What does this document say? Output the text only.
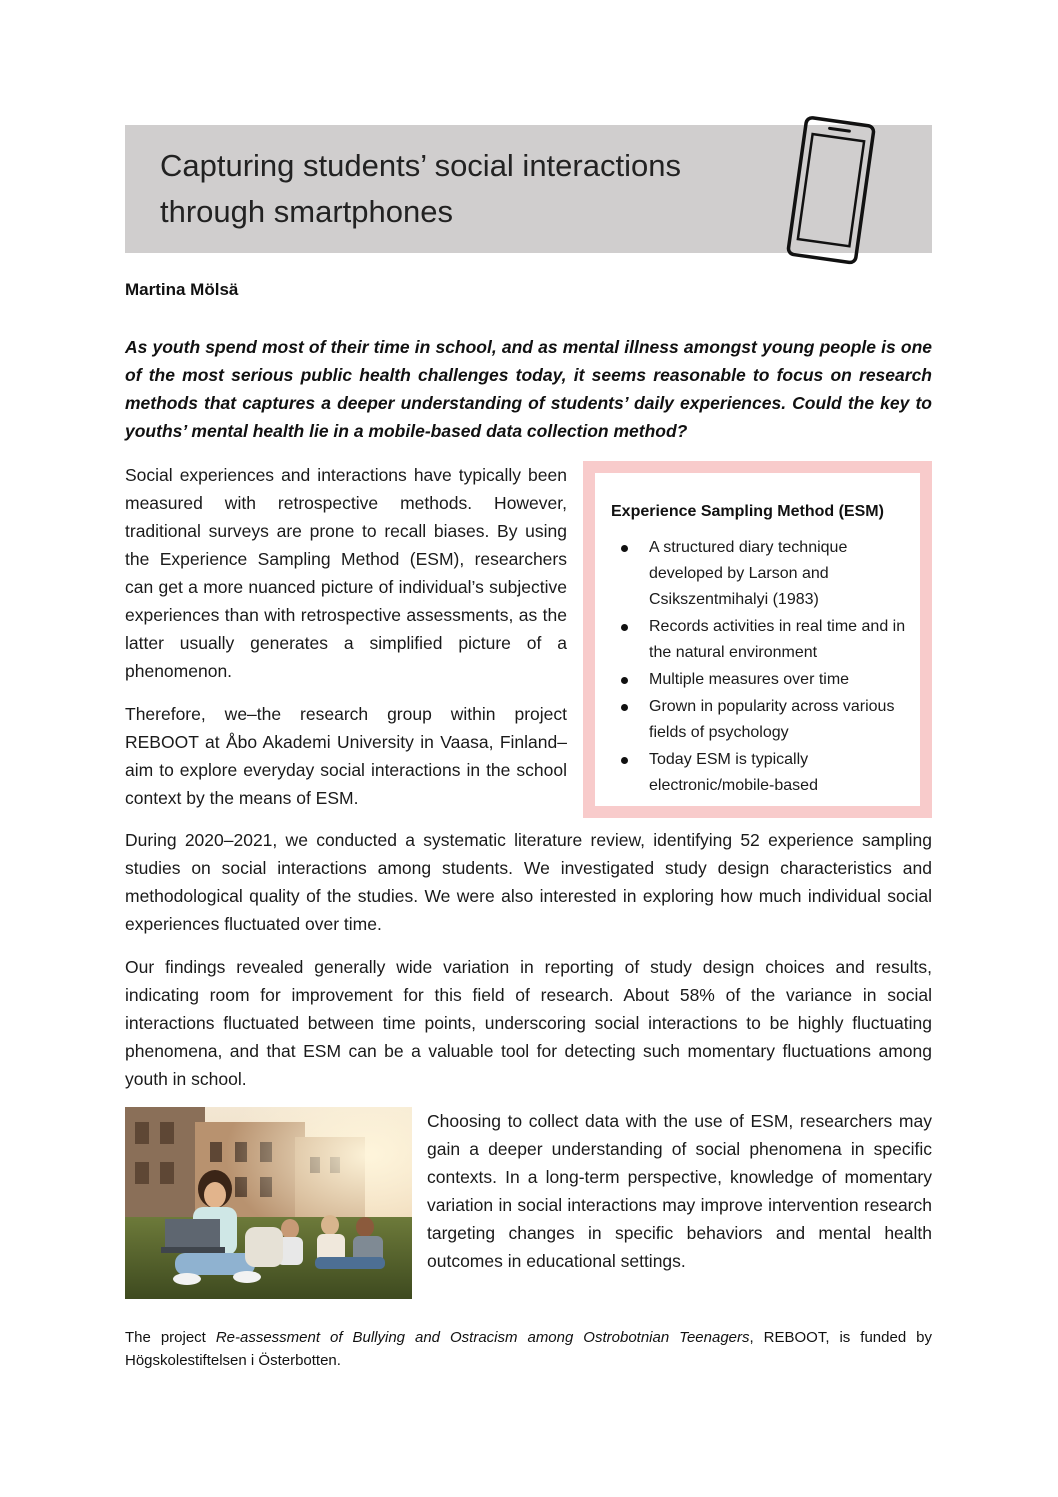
Capturing students’ social interactions
through smartphones
Martina Mölsä

As youth spend most of their time in school, and as mental illness amongst young people is one of the most serious public health challenges today, it seems reasonable to focus on research methods that captures a deeper understanding of students’ daily experiences. Could the key to youths’ mental health lie in a mobile-based data collection method?

Social experiences and interactions have typically been measured with retrospective methods. However, traditional surveys are prone to recall biases. By using the Experience Sampling Method (ESM), researchers can get a more nuanced picture of individual’s subjective experiences than with retrospective assessments, as the latter usually generates a simplified picture of a phenomenon.

Therefore, we–the research group within project REBOOT at Åbo Akademi University in Vaasa, Finland–aim to explore everyday social interactions in the school context by the means of ESM.

Experience Sampling Method (ESM)
A structured diary technique developed by Larson and Csikszentmihalyi (1983)
Records activities in real time and in the natural environment
Multiple measures over time
Grown in popularity across various fields of psychology
Today ESM is typically electronic/mobile-based

During 2020–2021, we conducted a systematic literature review, identifying 52 experience sampling studies on social interactions among students. We investigated study design characteristics and methodological quality of the studies. We were also interested in exploring how much individual social experiences fluctuated over time.

Our findings revealed generally wide variation in reporting of study design choices and results, indicating room for improvement for this field of research. About 58% of the variance in social interactions fluctuated between time points, underscoring social interactions to be highly fluctuating phenomena, and that ESM can be a valuable tool for detecting such momentary fluctuations among youth in school.

Choosing to collect data with the use of ESM, researchers may gain a deeper understanding of social phenomena in specific contexts. In a long-term perspective, knowledge of momentary variation in social interactions may improve intervention research targeting changes in specific behaviors and mental health outcomes in educational settings.

The project Re-assessment of Bullying and Ostracism among Ostrobotnian Teenagers, REBOOT, is funded by Högskolestiftelsen i Österbotten.
